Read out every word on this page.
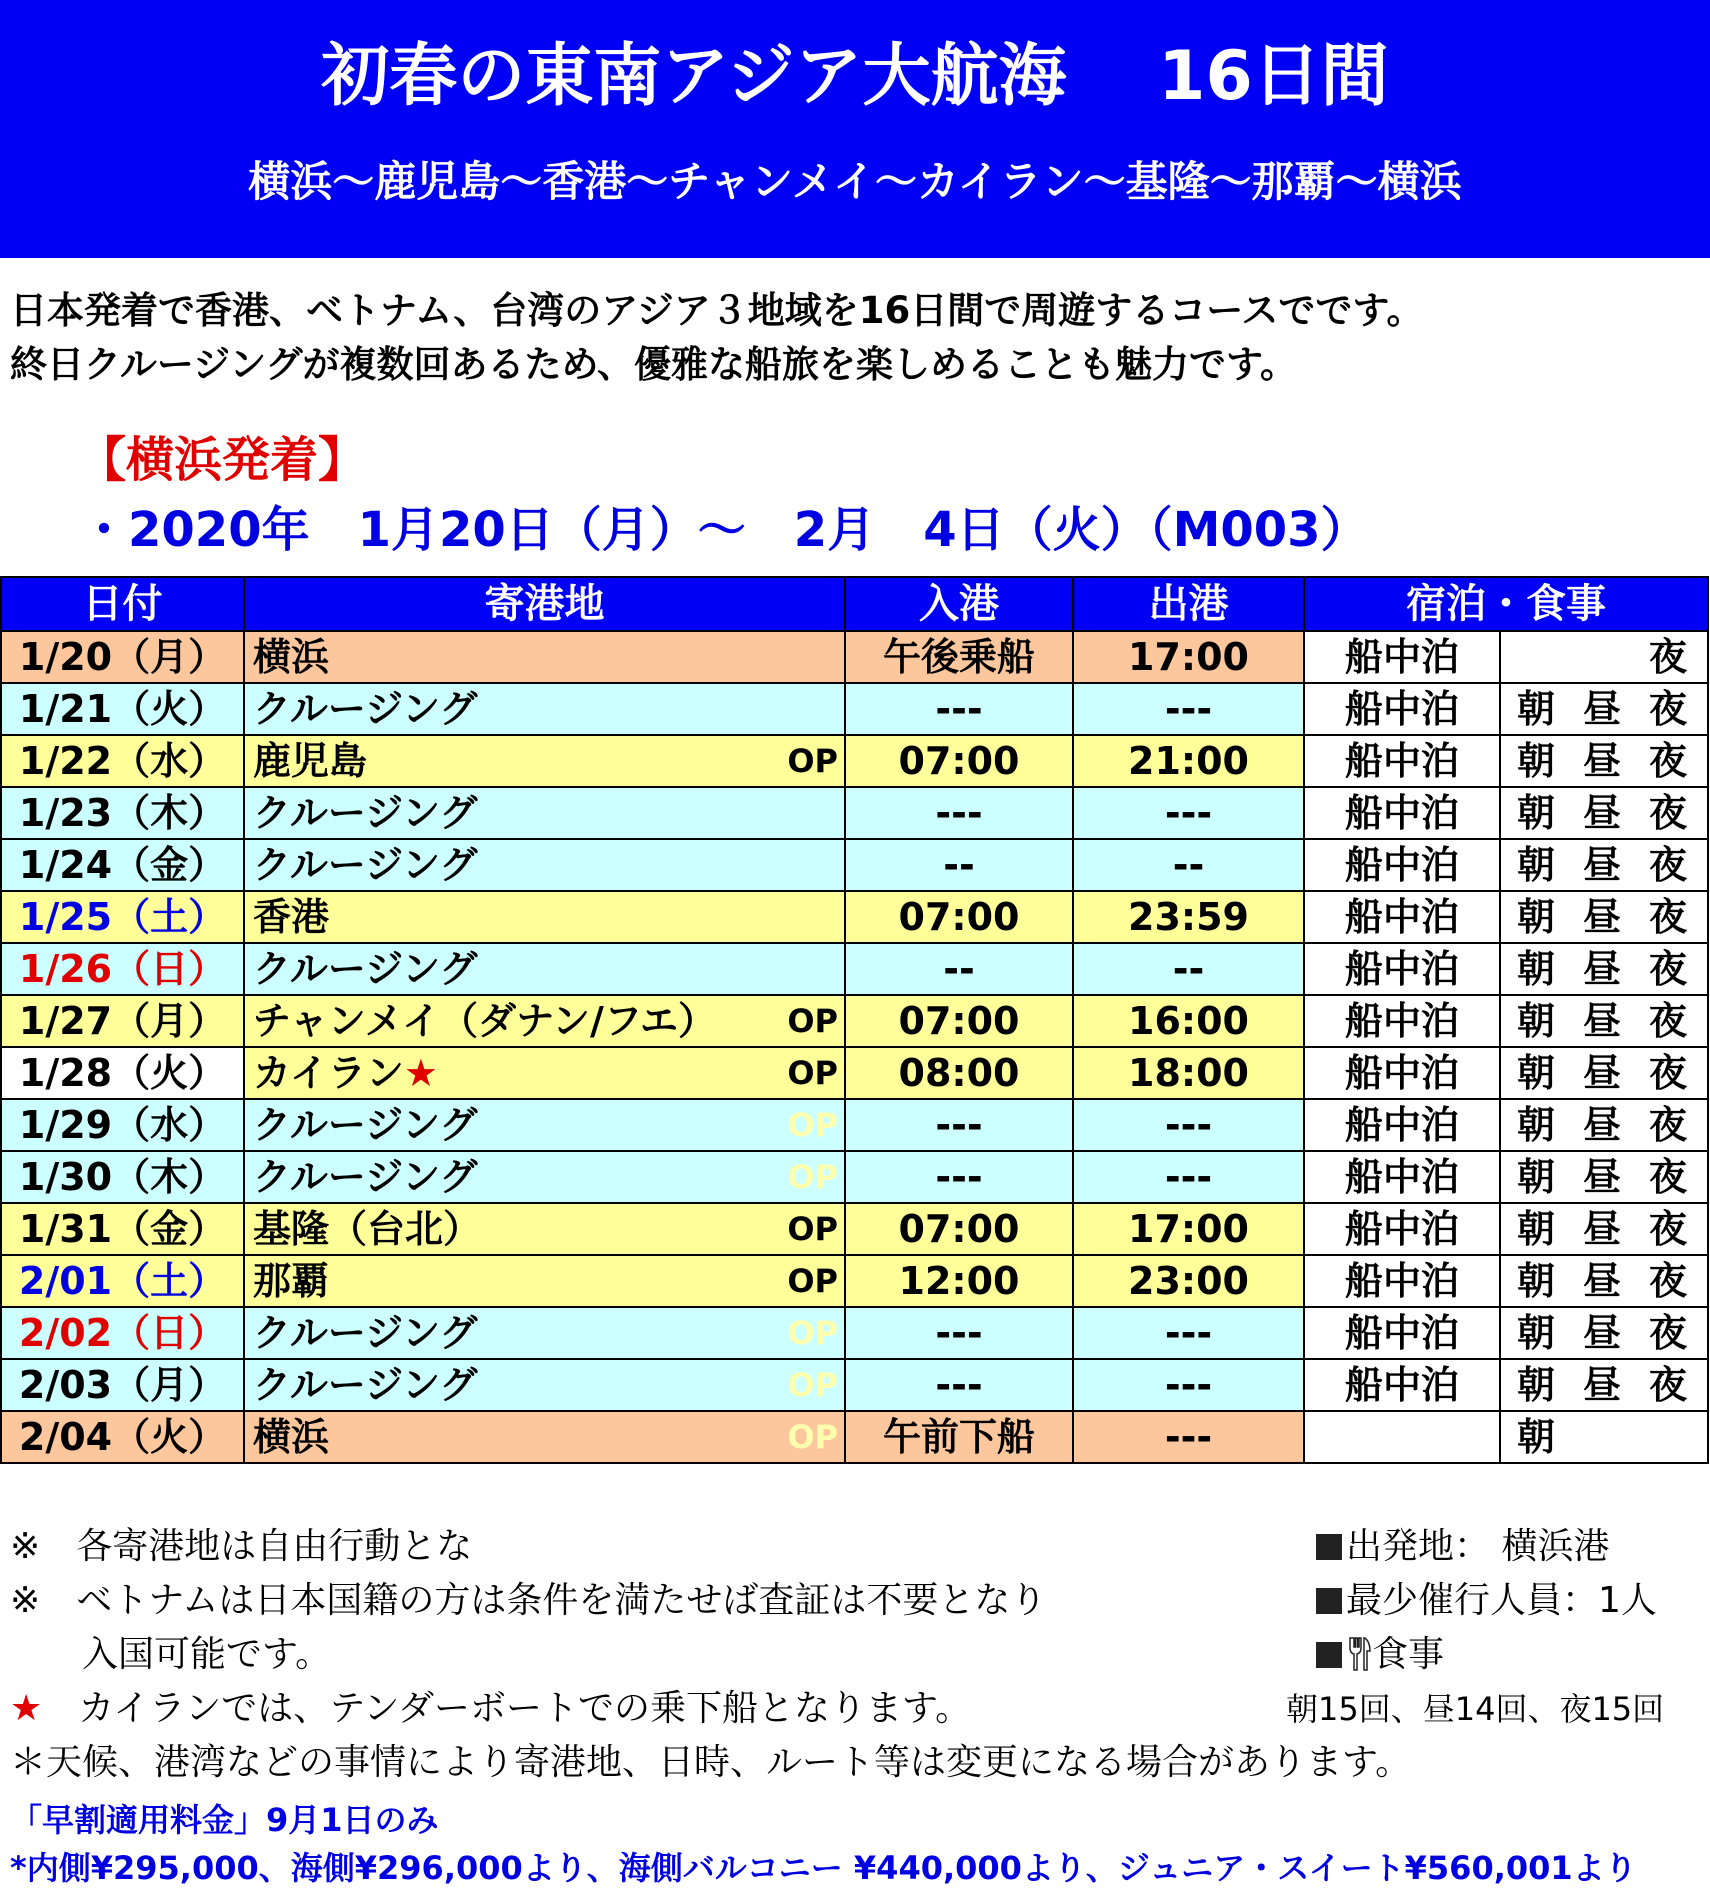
初春の東南アジア大航海　 16日間
横浜～鹿児島～香港～チャンメイ～カイラン～基隆～那覇～横浜
日本発着で香港、ベトナム、台湾のアジア３地域を16日間で周遊するコースでです。
終日クルージングが複数回あるため、優雅な船旅を楽しめることも魅力です。
【横浜発着】
・2020年　1月20日（月）～　2月　4日（火）（M003）
日付	寄港地	入港	出港	宿泊・食事	
1/20（月）	横浜	午後乗船	17:00	船中泊	夜

1/21（火）	クルージング	---	---	船中泊	朝 昼 夜

1/22（水）	鹿児島 OP	07:00	21:00	船中泊	朝 昼 夜

1/23（木）	クルージング	---	---	船中泊	朝 昼 夜

1/24（金）	クルージング	--	--	船中泊	朝 昼 夜

1/25（土）	香港	07:00	23:59	船中泊	朝 昼 夜

1/26（日）	クルージング	--	--	船中泊	朝 昼 夜

1/27（月）	チャンメイ（ダナン/フエ） OP	07:00	16:00	船中泊	朝 昼 夜

1/28（火）	カイラン★ OP	08:00	18:00	船中泊	朝 昼 夜

1/29（水）	クルージング OP	---	---	船中泊	朝 昼 夜

1/30（木）	クルージング OP	---	---	船中泊	朝 昼 夜

1/31（金）	基隆（台北） OP	07:00	17:00	船中泊	朝 昼 夜

2/01（土）	那覇 OP	12:00	23:00	船中泊	朝 昼 夜

2/02（日）	クルージング OP	---	---	船中泊	朝 昼 夜

2/03（月）	クルージング OP	---	---	船中泊	朝 昼 夜

2/04（火）	横浜 OP	午前下船	---		朝
※　 各寄港地は自由行動とな
※　 ベトナムは日本国籍の方は条件を満たせば査証は不要となり
入国可能です。
★　 カイランでは、テンダーボートでの乗下船となります。
＊天候、港湾などの事情により寄港地、日時、ルート等は変更になる場合があります。
出発地： 横浜港
最少催行人員：1人
食事
朝15回、昼14回、夜15回
「早割適用料金」9月1日のみ
*内側¥295,000、海側¥296,000より、海側バルコニー ¥440,000より、ジュニア・スイート¥560,001より
